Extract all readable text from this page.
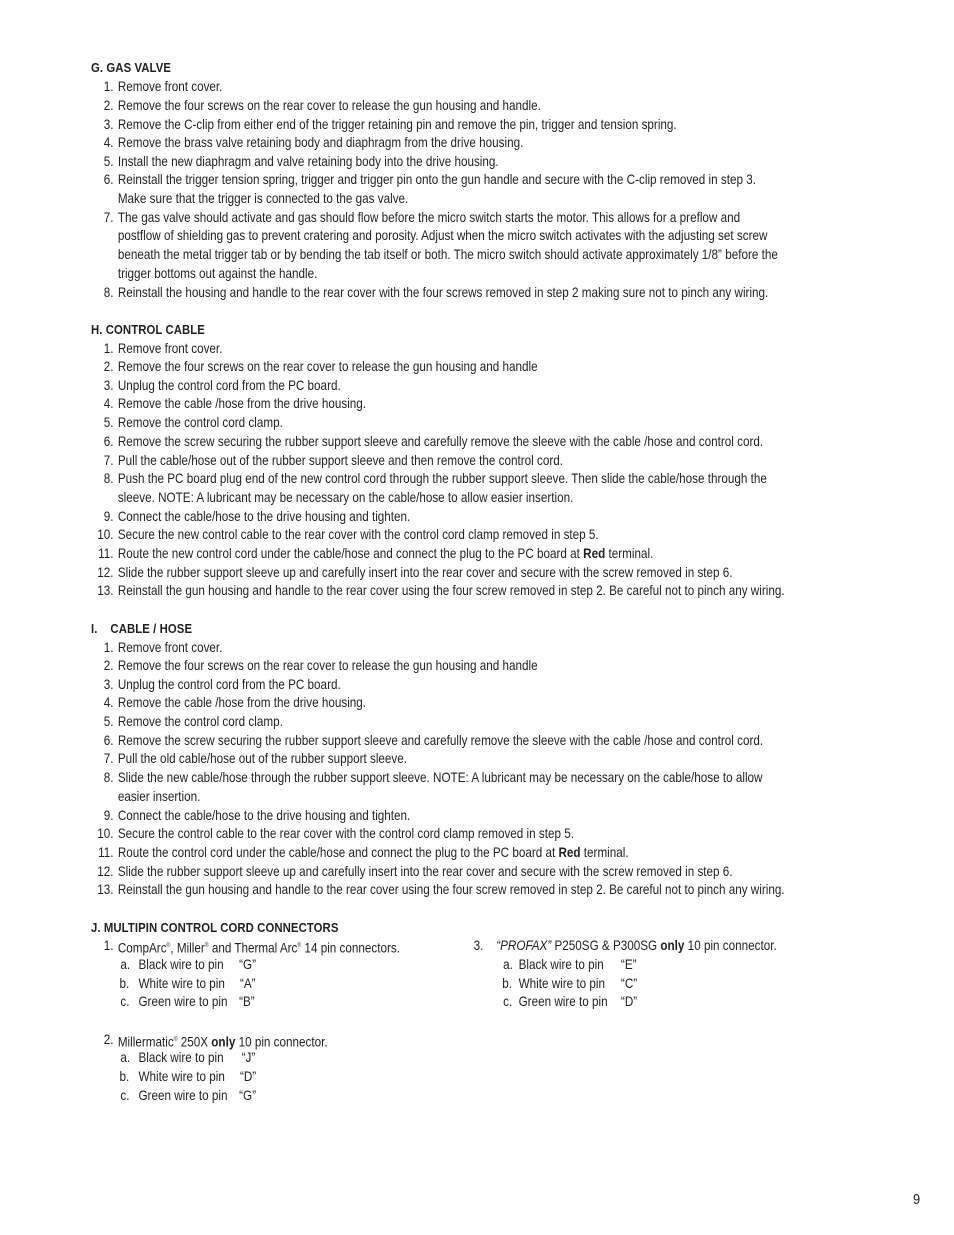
G. GAS VALVE
1. Remove front cover.
2. Remove the four screws on the rear cover to release the gun housing and handle.
3. Remove the C-clip from either end of the trigger retaining pin and remove the pin, trigger and tension spring.
4. Remove the brass valve retaining body and diaphragm from the drive housing.
5. Install the new diaphragm and valve retaining body into the drive housing.
6. Reinstall the trigger tension spring, trigger and trigger pin onto the gun handle and secure with the C-clip removed in step 3.
Make sure that the trigger is connected to the gas valve.
7. The gas valve should activate and gas should flow before the micro switch starts the motor. This allows for a preflow and
postflow of shielding gas to prevent cratering and porosity. Adjust when the micro switch activates with the adjusting set screw
beneath the metal trigger tab or by bending the tab itself or both. The micro switch should activate approximately 1/8” before the
trigger bottoms out against the handle.
8. Reinstall the housing and handle to the rear cover with the four screws removed in step 2 making sure not to pinch any wiring.
H. CONTROL CABLE
1. Remove front cover.
2. Remove the four screws on the rear cover to release the gun housing and handle
3. Unplug the control cord from the PC board.
4. Remove the cable /hose from the drive housing.
5. Remove the control cord clamp.
6. Remove the screw securing the rubber support sleeve and carefully remove the sleeve with the cable /hose and control cord.
7. Pull the cable/hose out of the rubber support sleeve and then remove the control cord.
8. Push the PC board plug end of the new control cord through the rubber support sleeve. Then slide the cable/hose through the
sleeve. NOTE: A lubricant may be necessary on the cable/hose to allow easier insertion.
9. Connect the cable/hose to the drive housing and tighten.
10. Secure the new control cable to the rear cover with the control cord clamp removed in step 5.
11. Route the new control cord under the cable/hose and connect the plug to the PC board at Red terminal.
12. Slide the rubber support sleeve up and carefully insert into the rear cover and secure with the screw removed in step 6.
13. Reinstall the gun housing and handle to the rear cover using the four screw removed in step 2. Be careful not to pinch any wiring.
I.    CABLE / HOSE
1. Remove front cover.
2. Remove the four screws on the rear cover to release the gun housing and handle
3. Unplug the control cord from the PC board.
4. Remove the cable /hose from the drive housing.
5. Remove the control cord clamp.
6. Remove the screw securing the rubber support sleeve and carefully remove the sleeve with the cable /hose and control cord.
7. Pull the old cable/hose out of the rubber support sleeve.
8. Slide the new cable/hose through the rubber support sleeve. NOTE: A lubricant may be necessary on the cable/hose to allow
easier insertion.
9. Connect the cable/hose to the drive housing and tighten.
10. Secure the control cable to the rear cover with the control cord clamp removed in step 5.
11. Route the control cord under the cable/hose and connect the plug to the PC board at Red terminal.
12. Slide the rubber support sleeve up and carefully insert into the rear cover and secure with the screw removed in step 6.
13. Reinstall the gun housing and handle to the rear cover using the four screw removed in step 2. Be careful not to pinch any wiring.
J. MULTIPIN CONTROL CORD CONNECTORS
1. CompArc®, Miller® and Thermal Arc® 14 pin connectors.
a. Black wire to pin “G”
b. White wire to pin “A”
c. Green wire to pin “B”
2. Millermatic® 250X only 10 pin connector.
a. Black wire to pin “J”
b. White wire to pin “D”
c. Green wire to pin “G”
3. “PROFAX” P250SG & P300SG only 10 pin connector.
a. Black wire to pin “E”
b. White wire to pin “C”
c. Green wire to pin “D”
9
